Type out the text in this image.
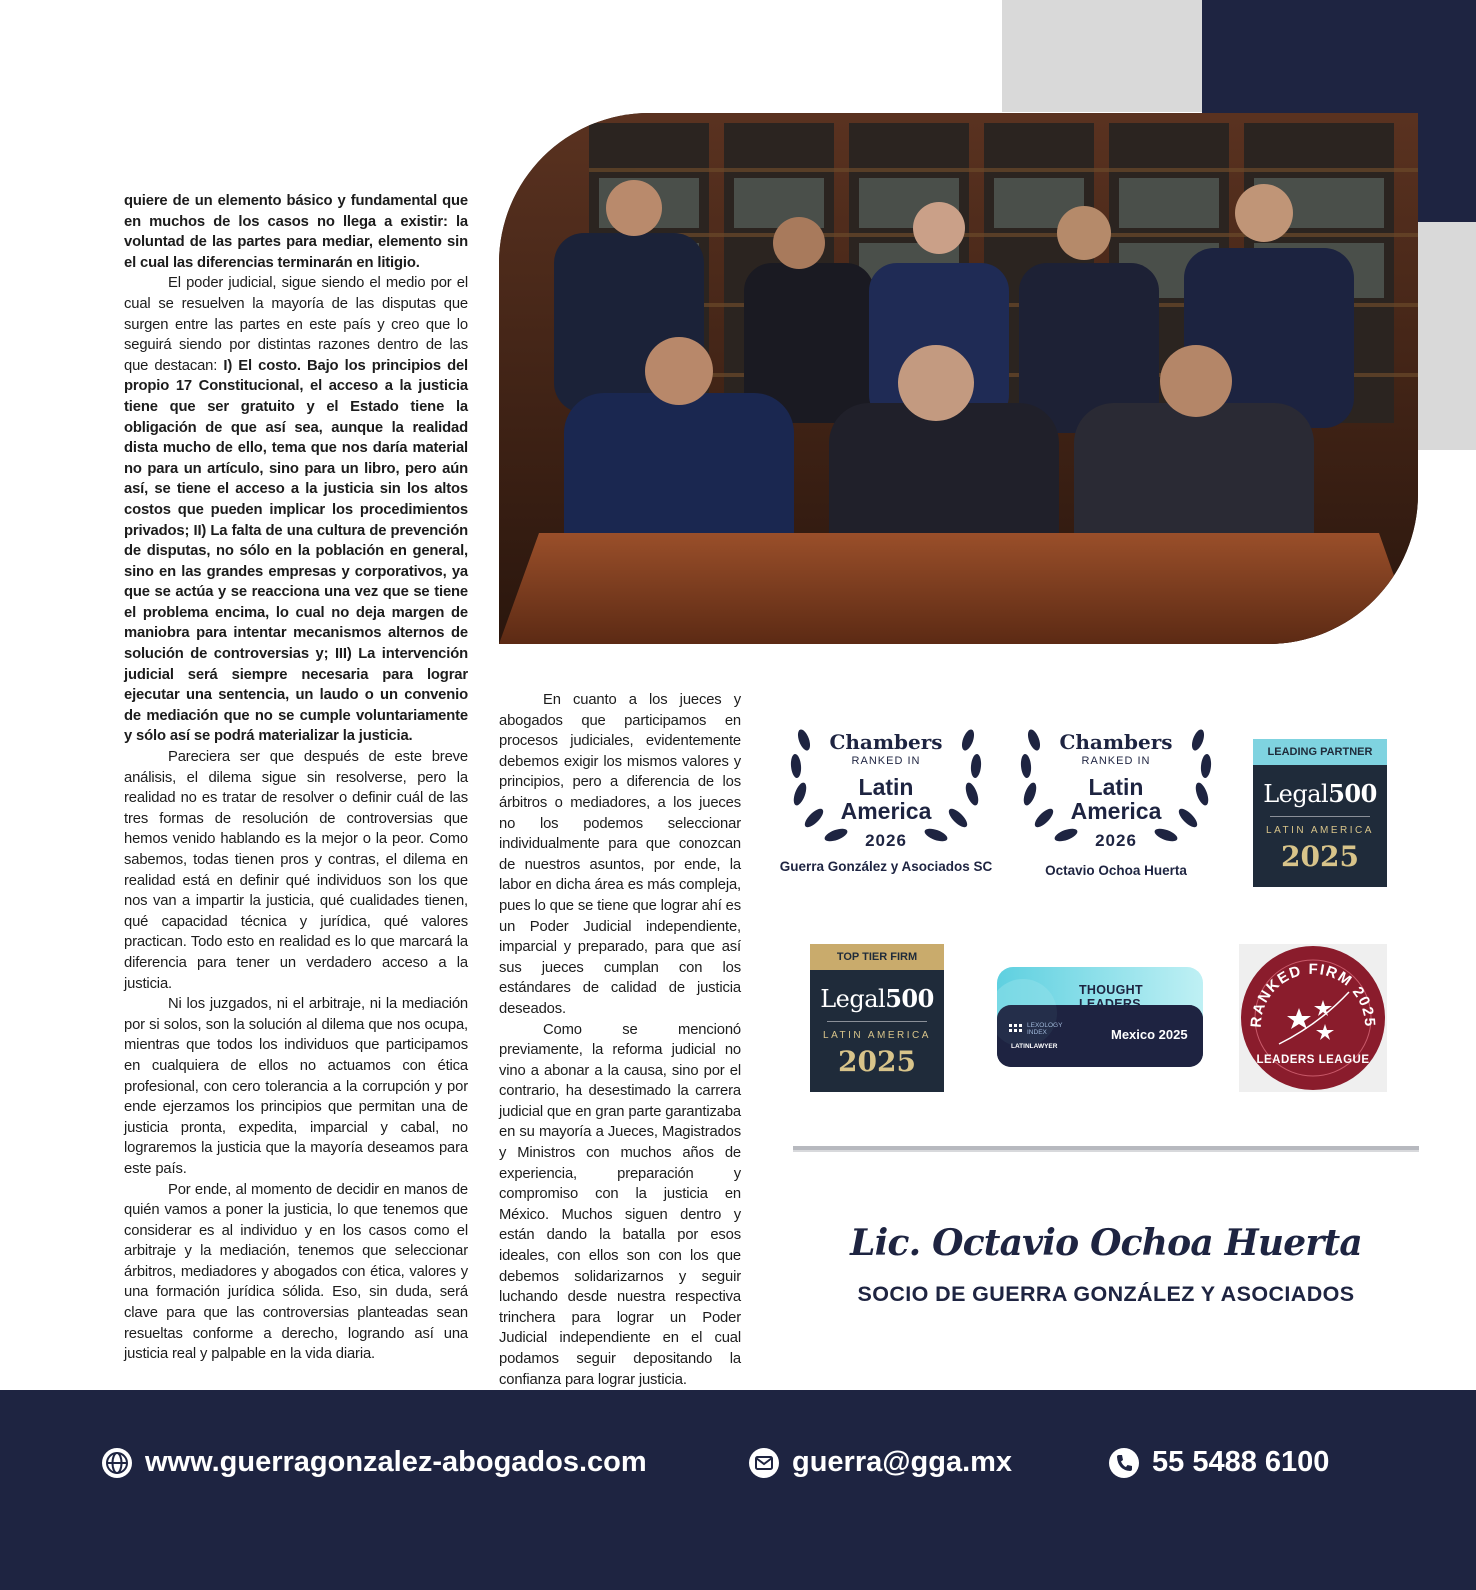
quiere de un elemento básico y fundamental que en muchos de los casos no llega a existir: la voluntad de las partes para mediar, elemento sin el cual las diferencias terminarán en litigio.

El poder judicial, sigue siendo el medio por el cual se resuelven la mayoría de las disputas que surgen entre las partes en este país y creo que lo seguirá siendo por distintas razones dentro de las que destacan: I) El costo. Bajo los principios del propio 17 Constitucional, el acceso a la justicia tiene que ser gratuito y el Estado tiene la obligación de que así sea, aunque la realidad dista mucho de ello, tema que nos daría material no para un artículo, sino para un libro, pero aún así, se tiene el acceso a la justicia sin los altos costos que pueden implicar los procedimientos privados; II) La falta de una cultura de prevención de disputas, no sólo en la población en general, sino en las grandes empresas y corporativos, ya que se actúa y se reacciona una vez que se tiene el problema encima, lo cual no deja margen de maniobra para intentar mecanismos alternos de solución de controversias y; III) La intervención judicial será siempre necesaria para lograr ejecutar una sentencia, un laudo o un convenio de mediación que no se cumple voluntariamente y sólo así se podrá materializar la justicia.

Pareciera ser que después de este breve análisis, el dilema sigue sin resolverse, pero la realidad no es tratar de resolver o definir cuál de las tres formas de resolución de controversias que hemos venido hablando es la mejor o la peor. Como sabemos, todas tienen pros y contras, el dilema en realidad está en definir qué individuos son los que nos van a impartir la justicia, qué cualidades tienen, qué capacidad técnica y jurídica, qué valores practican. Todo esto en realidad es lo que marcará la diferencia para tener un verdadero acceso a la justicia.

Ni los juzgados, ni el arbitraje, ni la mediación por si solos, son la solución al dilema que nos ocupa, mientras que todos los individuos que participamos en cualquiera de ellos no actuamos con ética profesional, con cero tolerancia a la corrupción y por ende ejerzamos los principios que permitan una de justicia pronta, expedita, imparcial y cabal, no lograremos la justicia que la mayoría deseamos para este país.

Por ende, al momento de decidir en manos de quién vamos a poner la justicia, lo que tenemos que considerar es al individuo y en los casos como el arbitraje y la mediación, tenemos que seleccionar árbitros, mediadores y abogados con ética, valores y una formación jurídica sólida. Eso, sin duda, será clave para que las controversias planteadas sean resueltas conforme a derecho, logrando así una justicia real y palpable en la vida diaria.

En cuanto a los jueces y abogados que participamos en procesos judiciales, evidentemente debemos exigir los mismos valores y principios, pero a diferencia de los árbitros o mediadores, a los jueces no los podemos seleccionar individualmente para que conozcan de nuestros asuntos, por ende, la labor en dicha área es más compleja, pues lo que se tiene que lograr ahí es un Poder Judicial independiente, imparcial y preparado, para que así sus jueces cumplan con los estándares de calidad de justicia deseados.

Como se mencionó previamente, la reforma judicial no vino a abonar a la causa, sino por el contrario, ha desestimado la carrera judicial que en gran parte garantizaba en su mayoría a Jueces, Magistrados y Ministros con muchos años de experiencia, preparación y compromiso con la justicia en México. Muchos siguen dentro y están dando la batalla por esos ideales, con ellos son con los que debemos solidarizarnos y seguir luchando desde nuestra respectiva trinchera para lograr un Poder Judicial independiente en el cual podamos seguir depositando la confianza para lograr justicia.

Chambers
RANKED IN
Latin
America
2026
Guerra González y Asociados SC
Chambers
RANKED IN
Latin
America
2026
Octavio Ochoa Huerta
LEADING PARTNER
Legal500
LATIN AMERICA
2025
TOP TIER FIRM
Legal500
LATIN AMERICA
2025
THOUGHT LEADERS
LEXOLOGY
INDEX
LATINLAWYER
Mexico 2025
RANKED FIRM 2025
LEADERS LEAGUE
Lic. Octavio Ochoa Huerta
SOCIO DE GUERRA GONZÁLEZ Y ASOCIADOS
www.guerragonzalez-abogados.com	guerra@gga.mx	55 5488 6100
